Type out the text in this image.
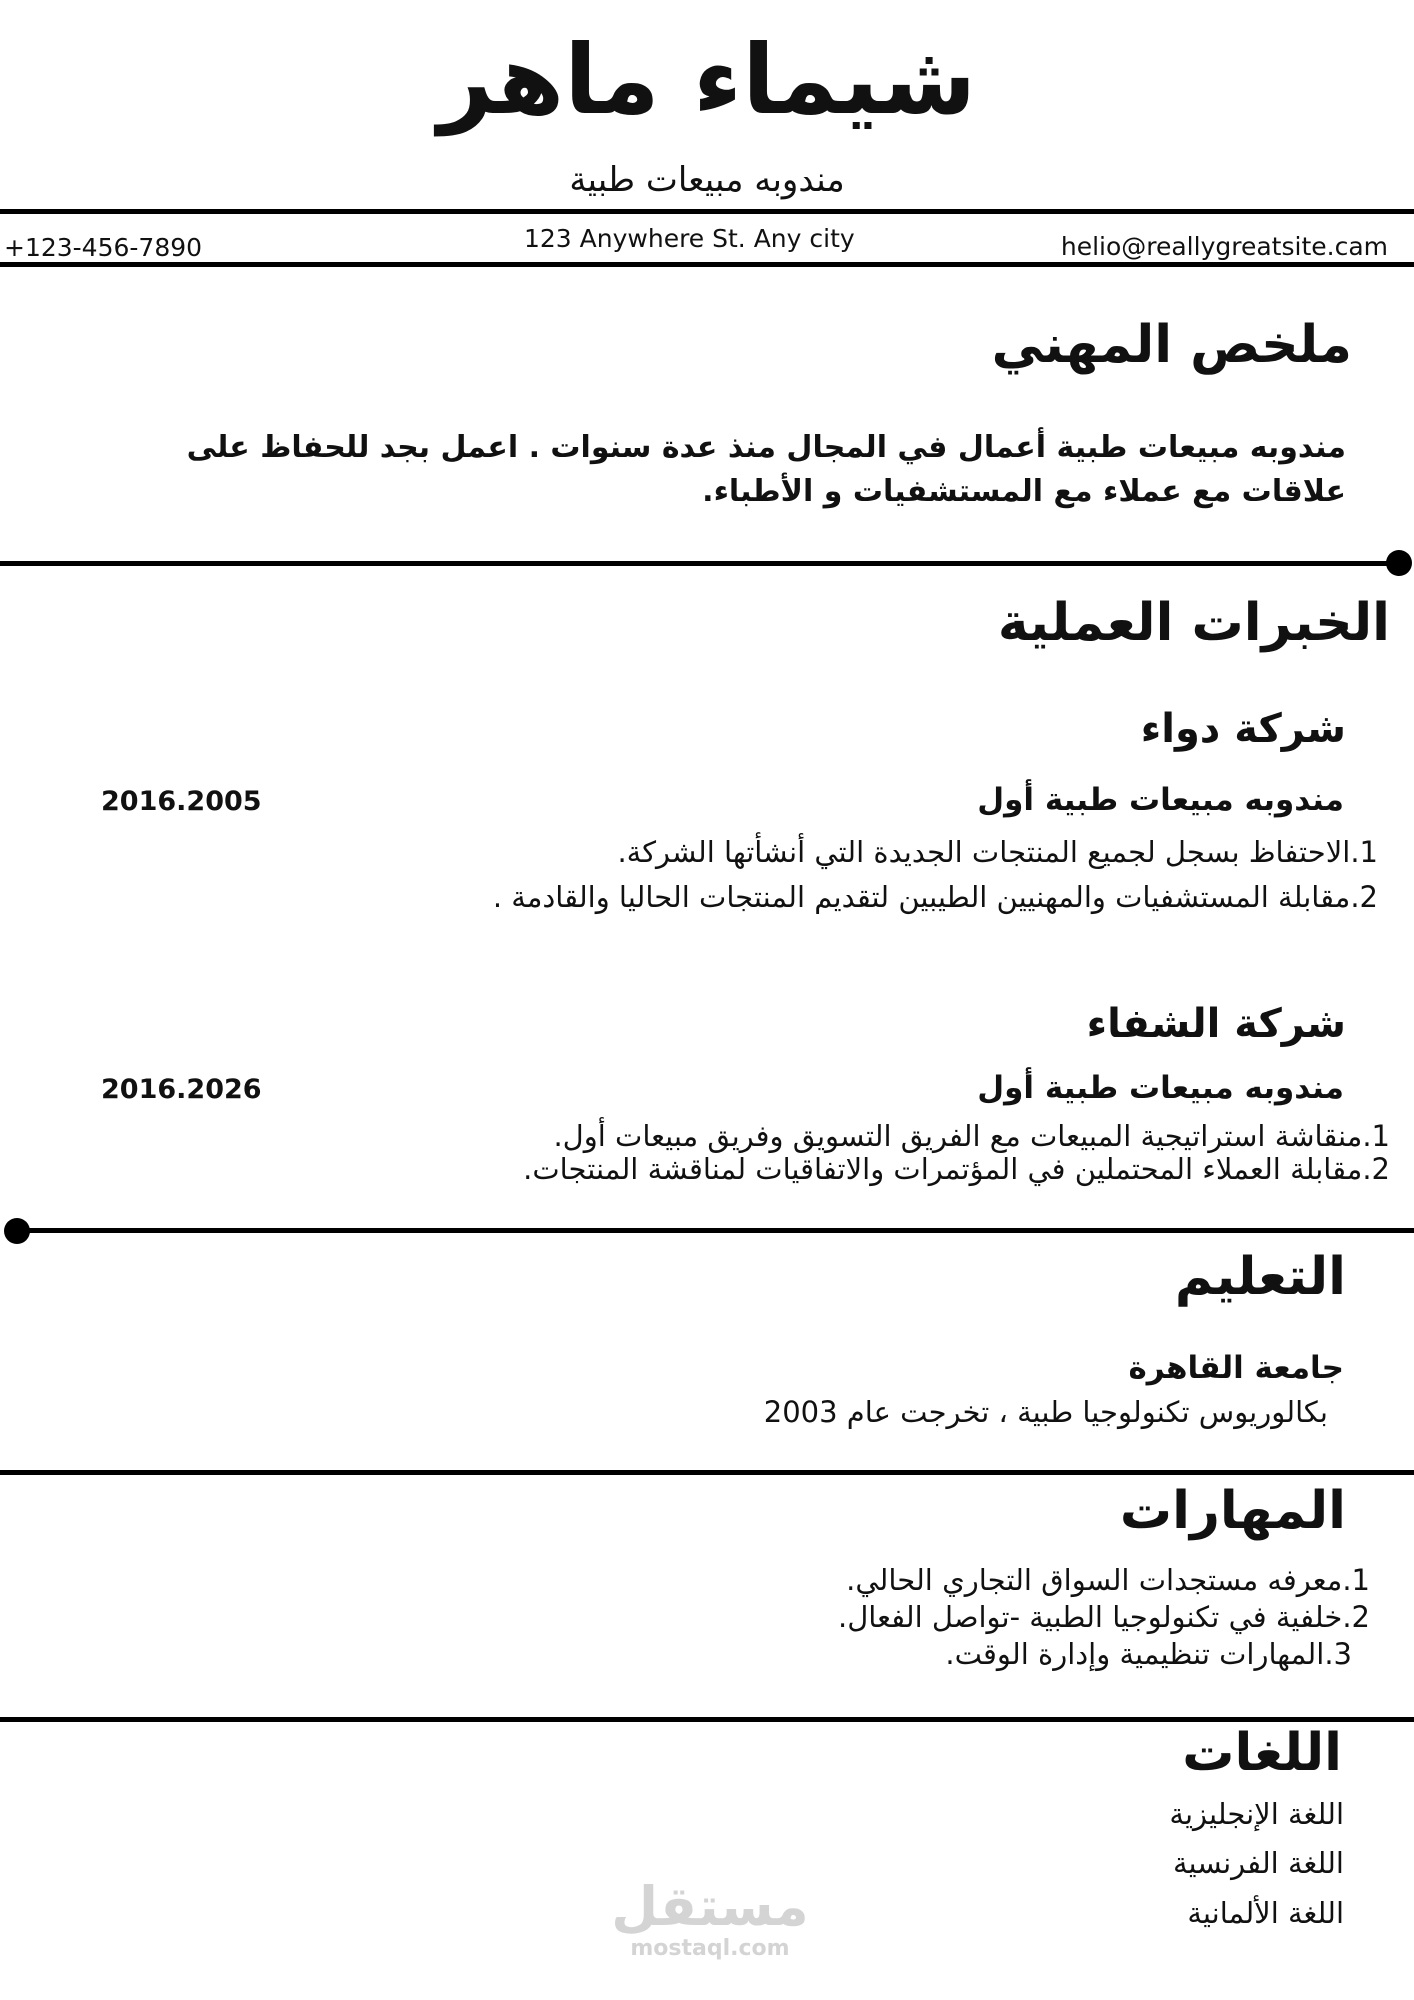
شيماء ماهر
مندوبه مبيعات طبية
+123-456-7890	123 Anywhere St. Any city	helio@reallygreatsite.cam
ملخص المهني
مندوبه مبيعات طبية أعمال في المجال منذ عدة سنوات . اعمل بجد للحفاظ على علاقات مع عملاء مع المستشفيات و الأطباء.
الخبرات العملية
شركة دواء
مندوبه مبيعات طبية أول
2016.2005
1.الاحتفاظ بسجل لجميع المنتجات الجديدة التي أنشأتها الشركة.
2.مقابلة المستشفيات والمهنيين الطيبين لتقديم المنتجات الحاليا والقادمة .
شركة الشفاء
مندوبه مبيعات طبية أول
2016.2026
1.منقاشة استراتيجية المبيعات مع الفريق التسويق وفريق مبيعات أول.
2.مقابلة العملاء المحتملين في المؤتمرات والاتفاقيات لمناقشة المنتجات.
التعليم
جامعة القاهرة
بكالوريوس تكنولوجيا طبية ، تخرجت عام 2003
المهارات
1.معرفه مستجدات السواق التجاري الحالي.
2.خلفية في تكنولوجيا الطبية -تواصل الفعال.
3.المهارات تنظيمية وإدارة الوقت.
اللغات
اللغة الإنجليزية
اللغة الفرنسية
اللغة الألمانية
مستقل
mostaql.com
